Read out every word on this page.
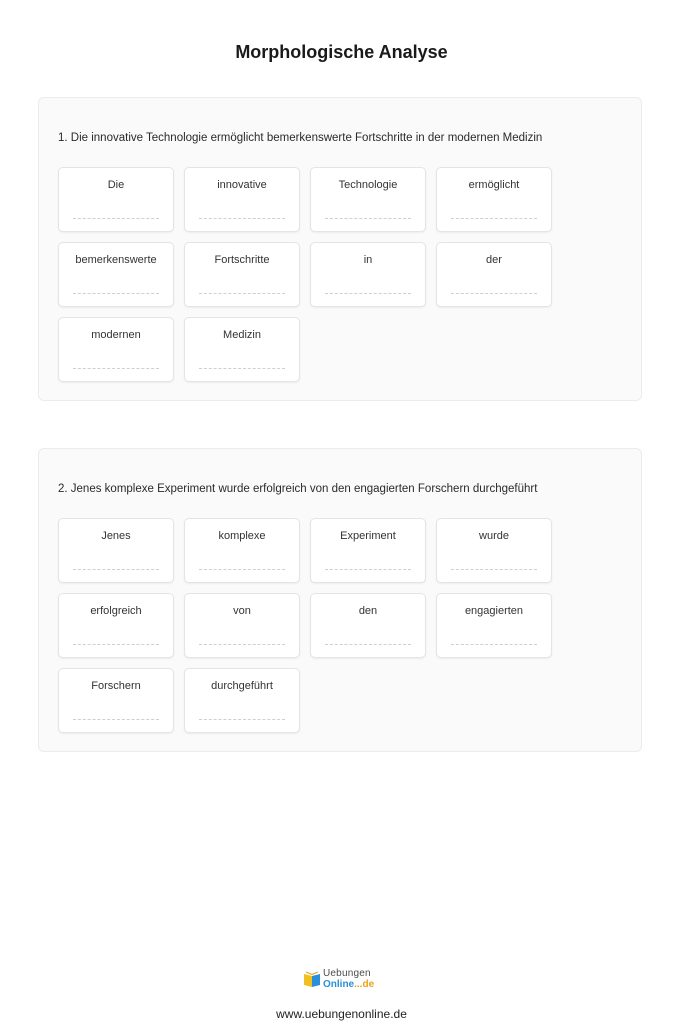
Morphologische Analyse
1. Die innovative Technologie ermöglicht bemerkenswerte Fortschritte in der modernen Medizin
Die	innovative	Technologie	ermöglicht
bemerkenswerte	Fortschritte	in	der
modernen	Medizin
2. Jenes komplexe Experiment wurde erfolgreich von den engagierten Forschern durchgeführt
Jenes	komplexe	Experiment	wurde
erfolgreich	von	den	engagierten
Forschern	durchgeführt
Uebungen
Online...de
www.uebungenonline.de
